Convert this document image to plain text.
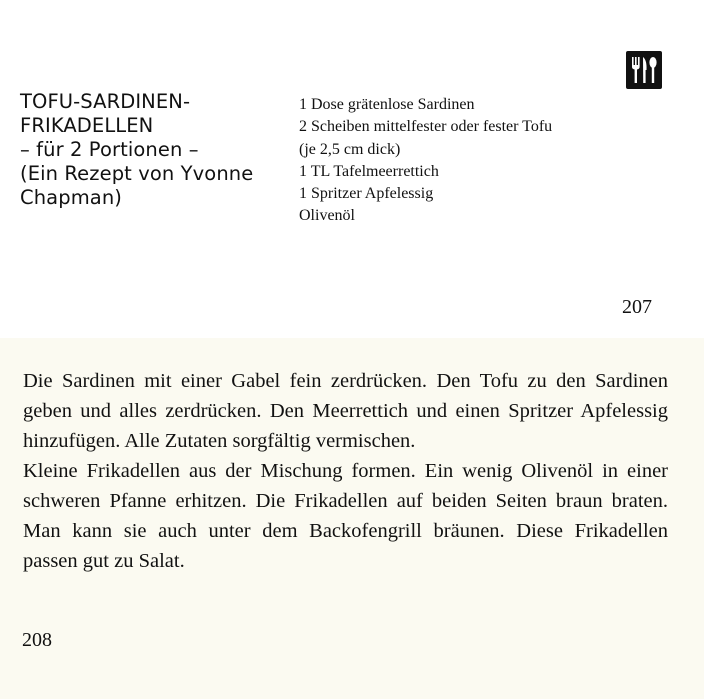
TOFU-SARDINEN-
FRIKADELLEN
– für 2 Portionen –
(Ein Rezept von Yvonne
Chapman)
1 Dose grätenlose Sardinen
2 Scheiben mittelfester oder fester Tofu
(je 2,5 cm dick)
1 TL Tafelmeerrettich
1 Spritzer Apfelessig
Olivenöl
207

Die Sardinen mit einer Gabel fein zerdrücken. Den Tofu zu den Sardinen geben und alles zerdrücken. Den Meerrettich und einen Spritzer Apfelessig hinzufügen. Alle Zutaten sorgfältig vermischen.

Kleine Frikadellen aus der Mischung formen. Ein wenig Olivenöl in einer schweren Pfanne erhitzen. Die Frikadellen auf beiden Seiten braun braten. Man kann sie auch unter dem Backofengrill bräunen. Diese Frikadellen passen gut zu Salat.

208
